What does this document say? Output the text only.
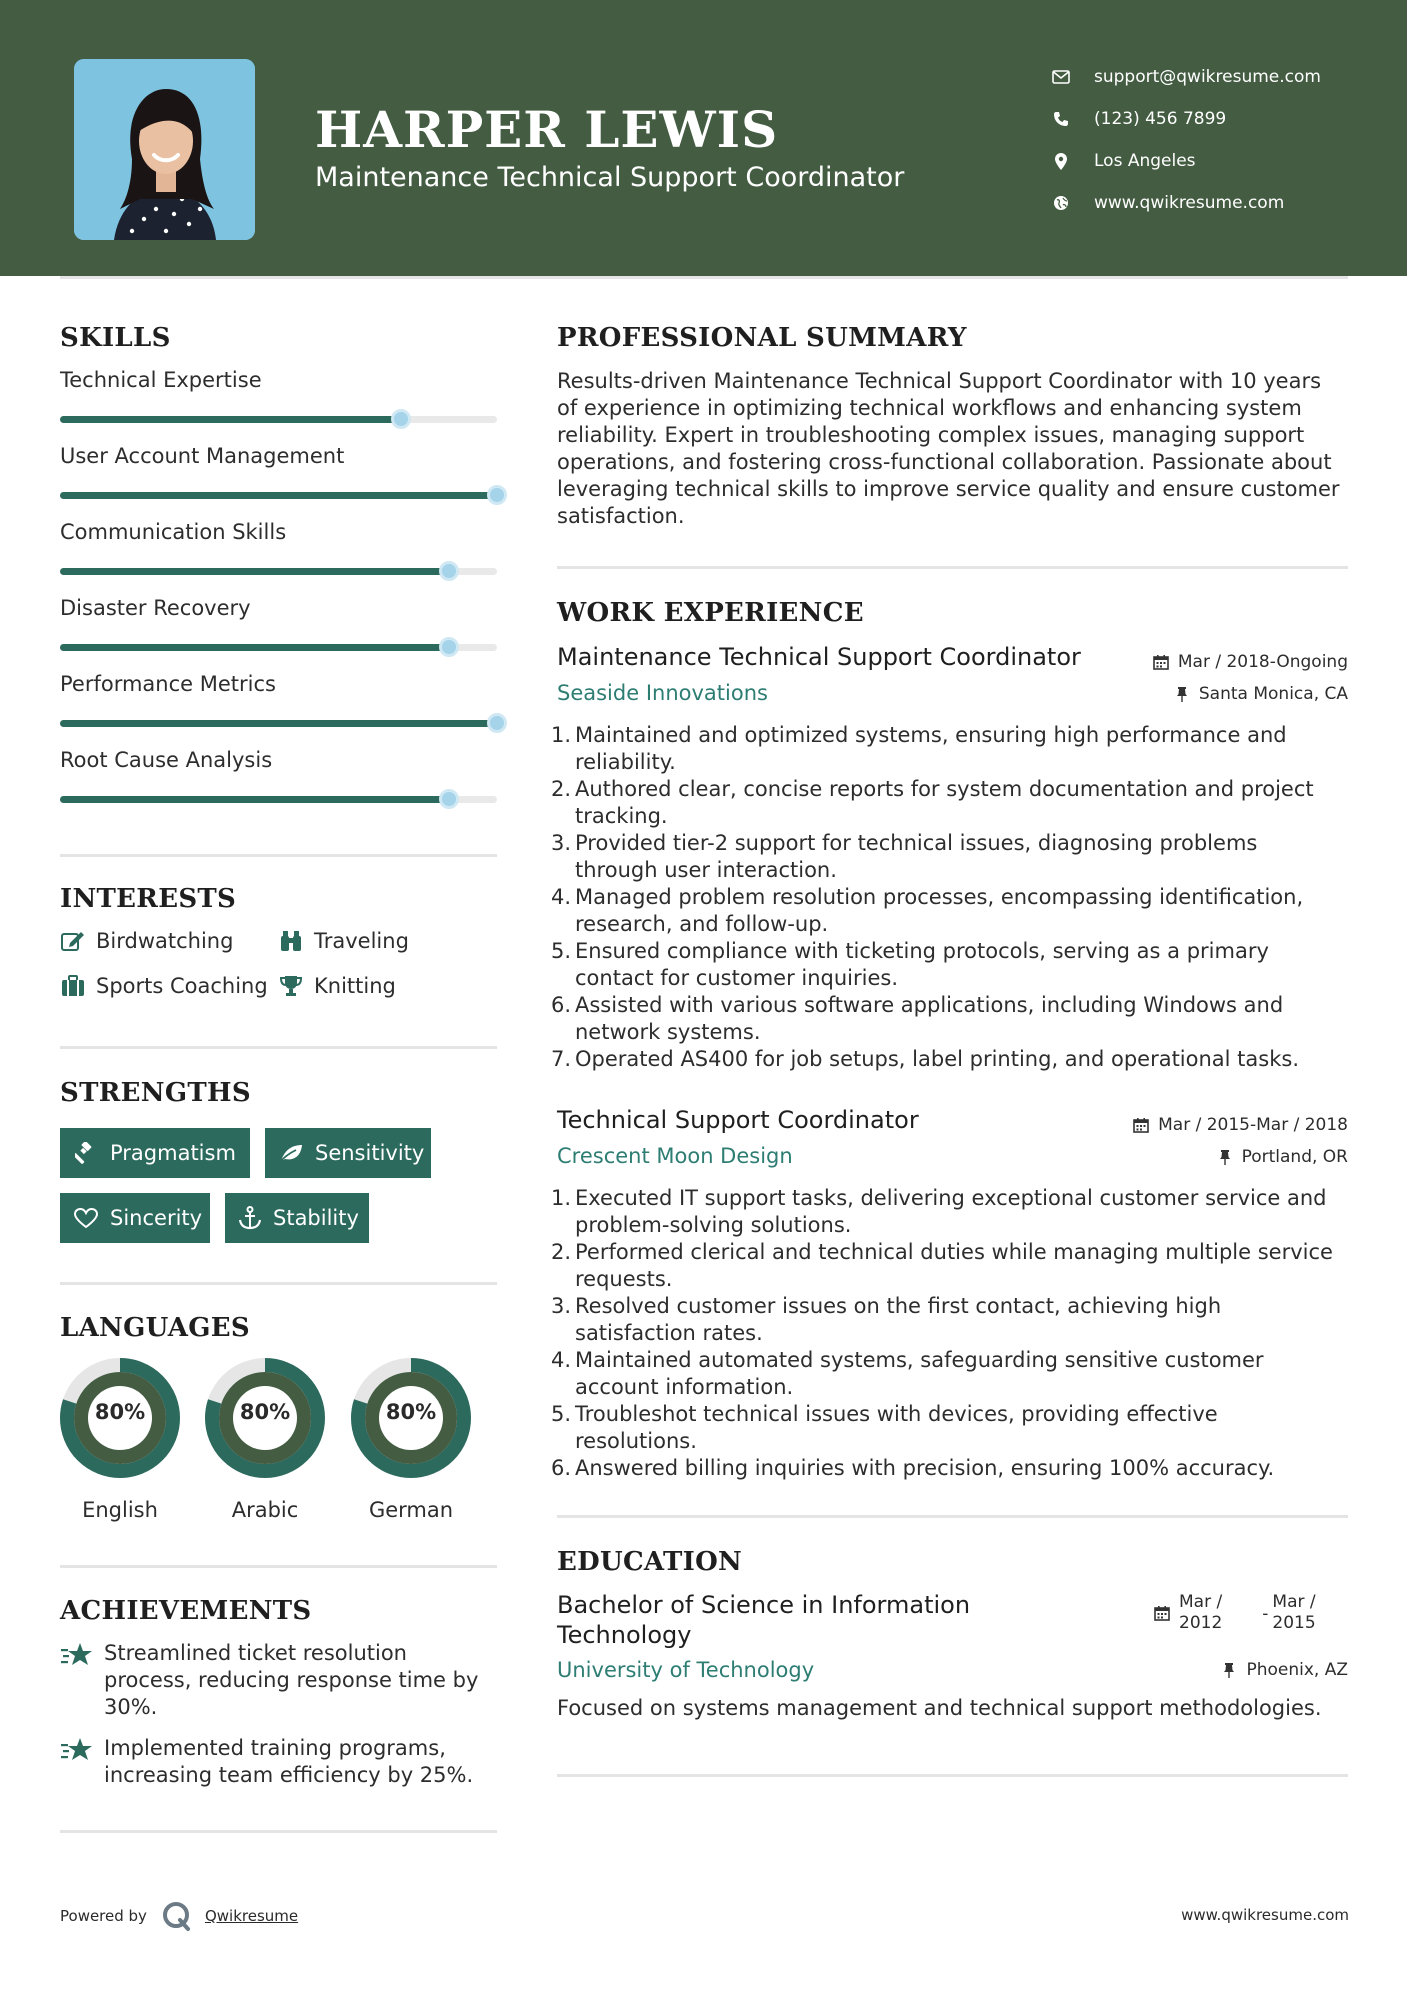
HARPER LEWIS
Maintenance Technical Support Coordinator
support@qwikresume.com
(123) 456 7899
Los Angeles
www.qwikresume.com
SKILLS
Technical Expertise
User Account Management
Communication Skills
Disaster Recovery
Performance Metrics
Root Cause Analysis
INTERESTS
Birdwatching	Traveling
Sports Coaching Knitting
STRENGTHS
Pragmatism	Sensitivity
Sincerity	Stability
LANGUAGES
80%
English
80%
Arabic
80%
German
ACHIEVEMENTS
Streamlined ticket resolution process, reducing response time by 30%.
Implemented training programs, increasing team efficiency by 25%.
PROFESSIONAL SUMMARY
Results-driven Maintenance Technical Support Coordinator with 10 years of experience in optimizing technical workflows and enhancing system reliability. Expert in troubleshooting complex issues, managing support operations, and fostering cross-functional collaboration. Passionate about leveraging technical skills to improve service quality and ensure customer satisfaction.
WORK EXPERIENCE
Maintenance Technical Support Coordinator	Mar / 2018-Ongoing
Seaside Innovations	Santa Monica, CA
1. Maintained and optimized systems, ensuring high performance and reliability.
2. Authored clear, concise reports for system documentation and project tracking.
3. Provided tier-2 support for technical issues, diagnosing problems through user interaction.
4. Managed problem resolution processes, encompassing identification, research, and follow-up.
5. Ensured compliance with ticketing protocols, serving as a primary contact for customer inquiries.
6. Assisted with various software applications, including Windows and network systems.
7. Operated AS400 for job setups, label printing, and operational tasks.
Technical Support Coordinator	Mar / 2015-Mar / 2018
Crescent Moon Design	Portland, OR
1. Executed IT support tasks, delivering exceptional customer service and problem-solving solutions.
2. Performed clerical and technical duties while managing multiple service requests.
3. Resolved customer issues on the first contact, achieving high satisfaction rates.
4. Maintained automated systems, safeguarding sensitive customer account information.
5. Troubleshot technical issues with devices, providing effective resolutions.
6. Answered billing inquiries with precision, ensuring 100% accuracy.
EDUCATION
Bachelor of Science in Information
Technology
Mar /
2012 -
Mar /
2015
University of Technology	Phoenix, AZ
Focused on systems management and technical support methodologies.
Powered by	Qwikresume	www.qwikresume.com
